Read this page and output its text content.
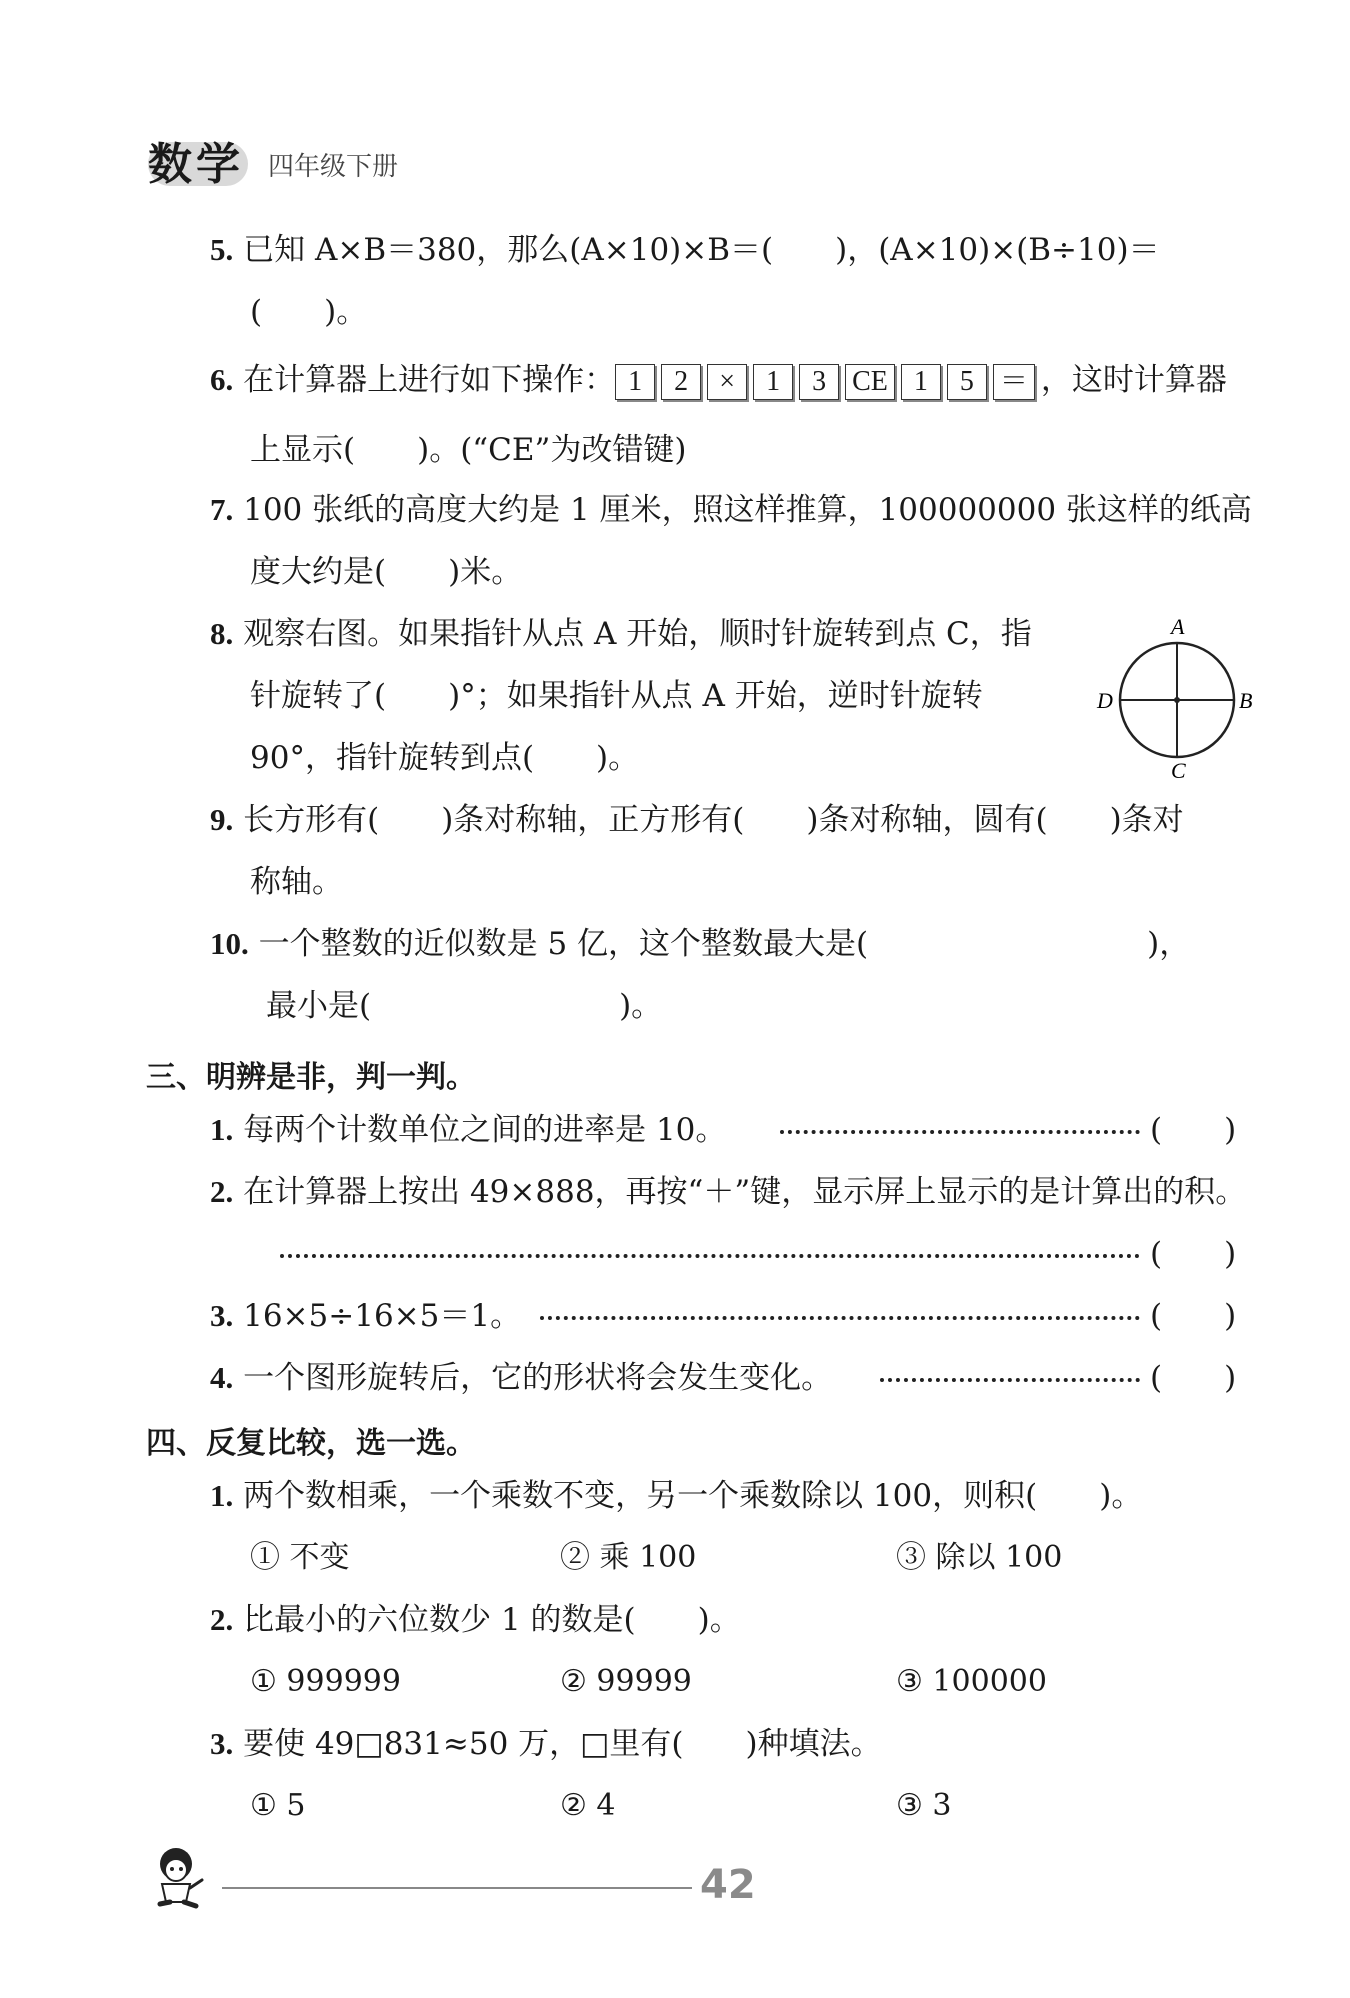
数学 四年级下册
5. 已知 A×B＝380，那么(A×10)×B＝(　　)，(A×10)×(B÷10)＝
(　　)。
6. 在计算器上进行如下操作： 1 2 × 1 3 CE 1 5 ＝ ，这时计算器
上显示(　　)。(“CE”为改错键)
7. 100 张纸的高度大约是 1 厘米，照这样推算，100000000 张这样的纸高
度大约是(　　)米。
8. 观察右图。如果指针从点 A 开始，顺时针旋转到点 C，指
针旋转了(　　)°；如果指针从点 A 开始，逆时针旋转
90°，指针旋转到点(　　)。
A
B
C
D
9. 长方形有(　　)条对称轴，正方形有(　　)条对称轴，圆有(　　)条对
称轴。
10. 一个整数的近似数是 5 亿，这个整数最大是(　　　　　　　　　)，
最小是(　　　　　　　　)。
三、明辨是非，判一判。
1. 每两个计数单位之间的进率是 10。	(　　)
2. 在计算器上按出 49×888，再按“＋”键，显示屏上显示的是计算出的积。
(　　)
3. 16×5÷16×5＝1。	(　　)
4. 一个图形旋转后，它的形状将会发生变化。	(　　)
四、反复比较，选一选。
1. 两个数相乘，一个乘数不变，另一个乘数除以 100，则积(　　)。
① 不变	② 乘 100	③ 除以 100
2. 比最小的六位数少 1 的数是(　　)。
① 999999	② 99999	③ 100000
3. 要使 49□831≈50 万，□里有(　　)种填法。
① 5	② 4	③ 3
42
